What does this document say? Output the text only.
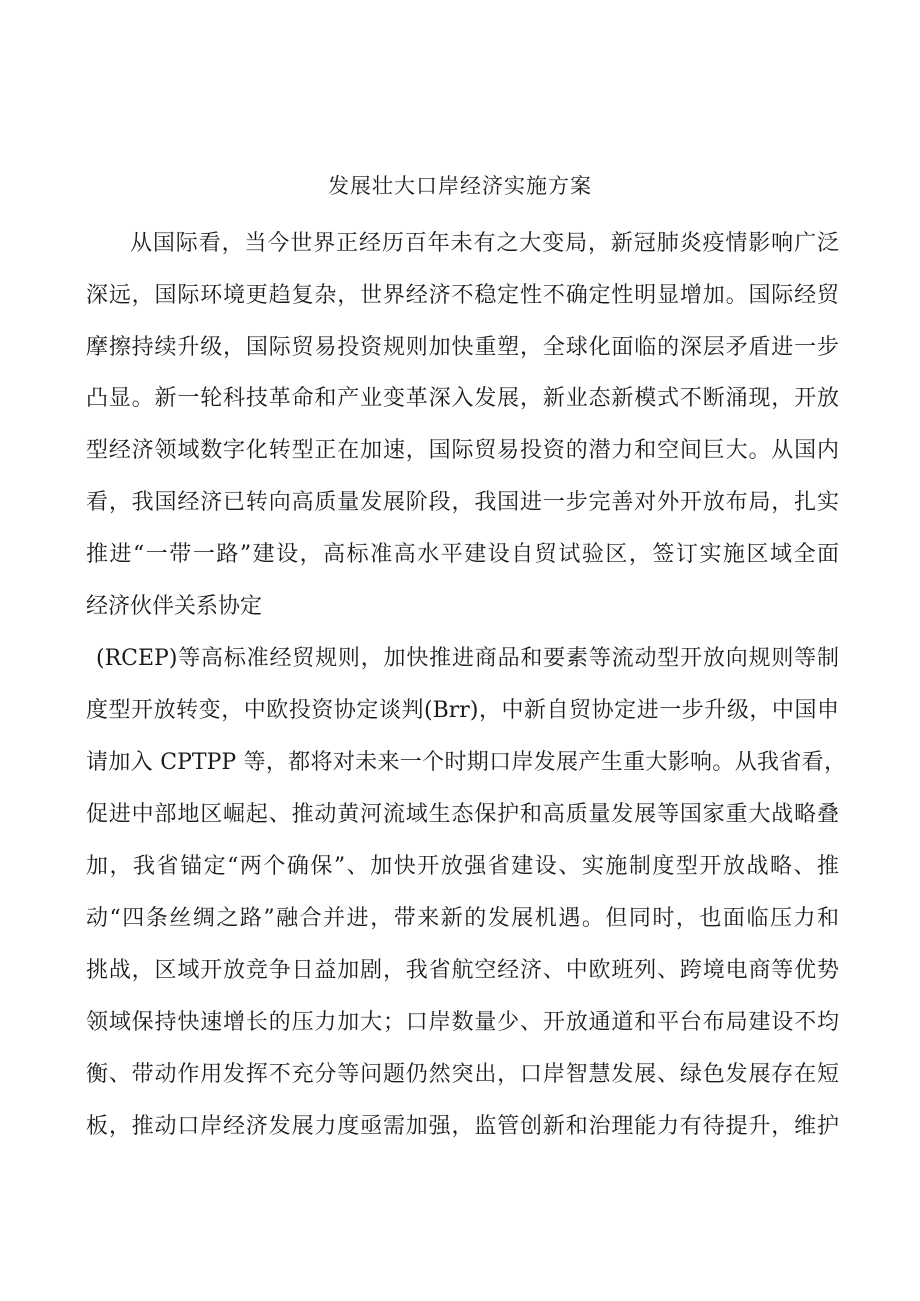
发展壮大口岸经济实施方案
从国际看，当今世界正经历百年未有之大变局，新冠肺炎疫情影响广泛
深远，国际环境更趋复杂，世界经济不稳定性不确定性明显增加。国际经贸
摩擦持续升级，国际贸易投资规则加快重塑，全球化面临的深层矛盾进一步
凸显。新一轮科技革命和产业变革深入发展，新业态新模式不断涌现，开放
型经济领域数字化转型正在加速，国际贸易投资的潜力和空间巨大。从国内
看，我国经济已转向高质量发展阶段，我国进一步完善对外开放布局，扎实
推进“一带一路”建设，高标准高水平建设自贸试验区，签订实施区域全面
经济伙伴关系协定
(RCEP)等高标准经贸规则，加快推进商品和要素等流动型开放向规则等制
度型开放转变，中欧投资协定谈判(Brr)，中新自贸协定进一步升级，中国申
请加入 CPTPP 等，都将对未来一个时期口岸发展产生重大影响。从我省看，
促进中部地区崛起、推动黄河流域生态保护和高质量发展等国家重大战略叠
加，我省锚定“两个确保”、加快开放强省建设、实施制度型开放战略、推
动“四条丝绸之路”融合并进，带来新的发展机遇。但同时，也面临压力和
挑战，区域开放竞争日益加剧，我省航空经济、中欧班列、跨境电商等优势
领域保持快速增长的压力加大；口岸数量少、开放通道和平台布局建设不均
衡、带动作用发挥不充分等问题仍然突出，口岸智慧发展、绿色发展存在短
板，推动口岸经济发展力度亟需加强，监管创新和治理能力有待提升，维护
